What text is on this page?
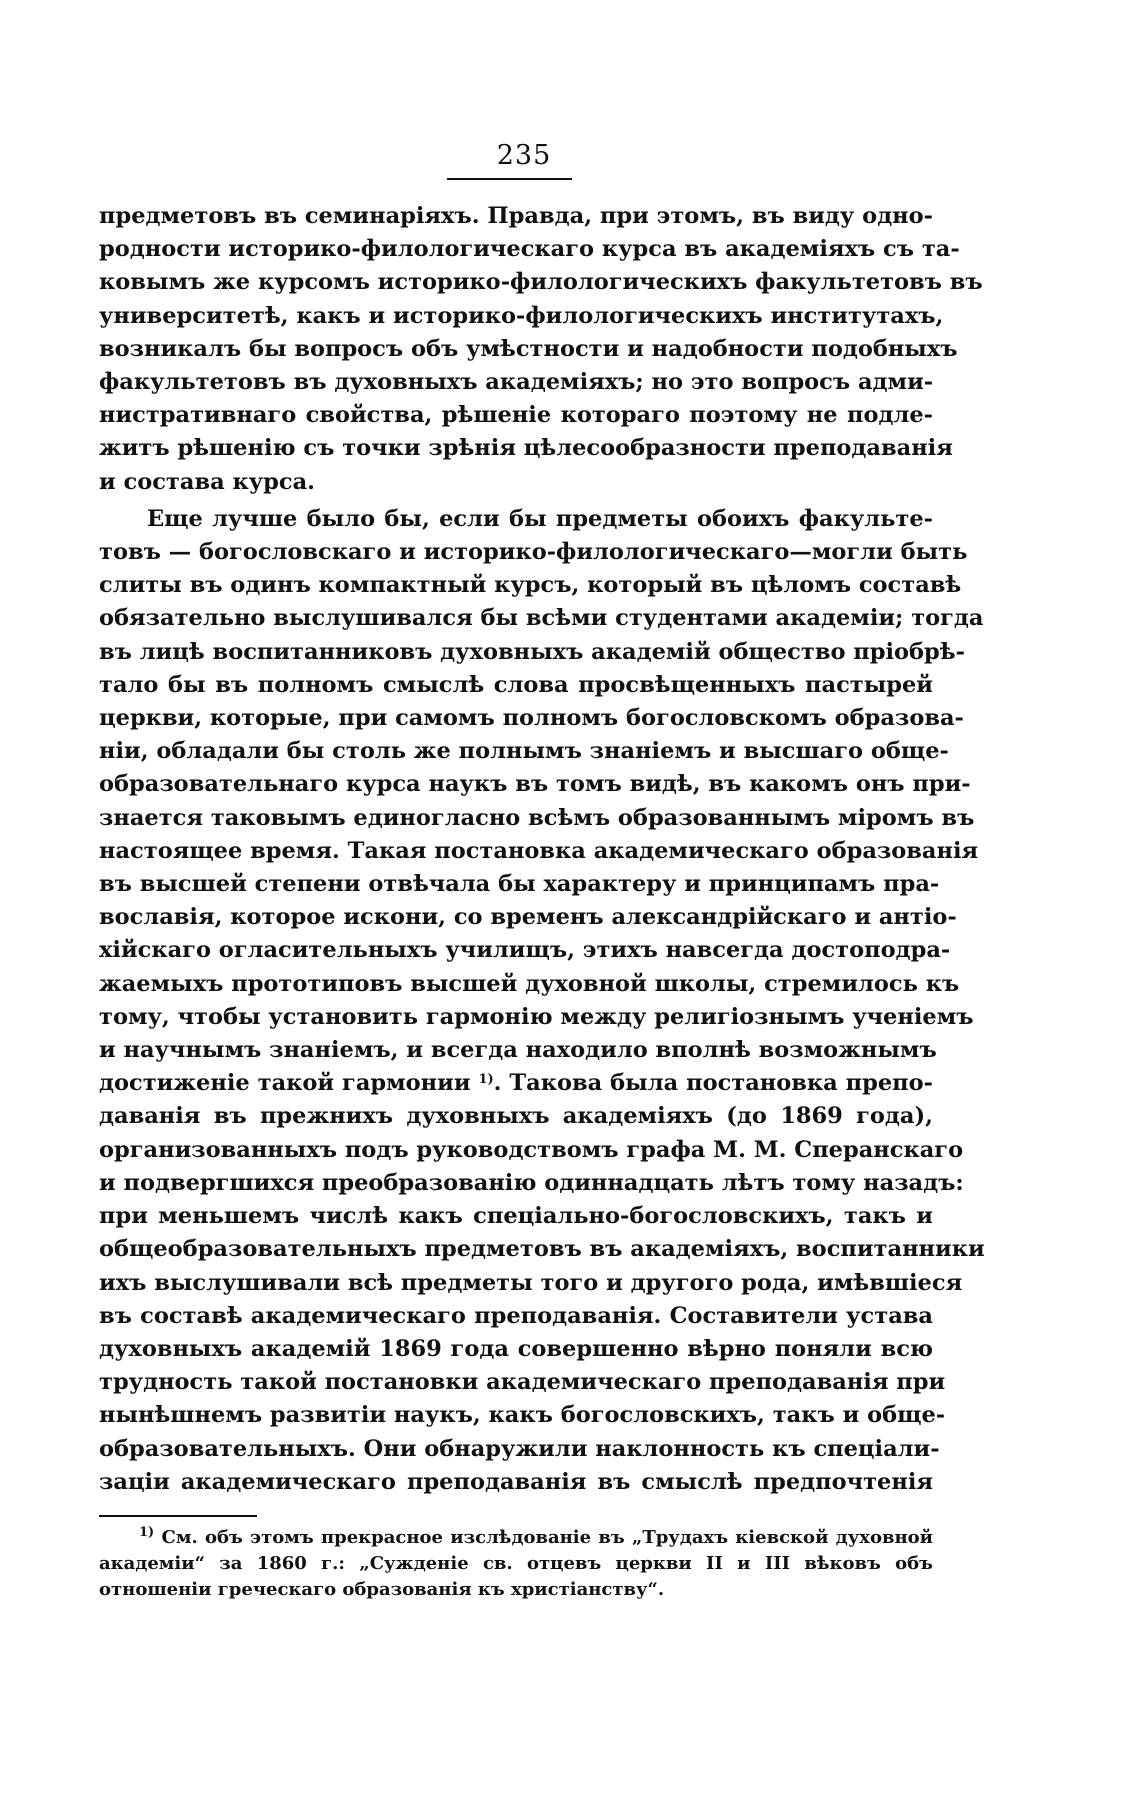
235
предметовъ въ семинаріяхъ. Правда, при этомъ, въ виду одно-
родности историко-филологическаго курса въ академіяхъ съ та-
ковымъ же курсомъ историко-филологическихъ факультетовъ въ
университетѣ, какъ и историко-филологическихъ институтахъ,
возникалъ бы вопросъ объ умѣстности и надобности подобныхъ
факультетовъ въ духовныхъ академіяхъ; но это вопросъ адми-
нистративнаго свойства, рѣшеніе котораго поэтому не подле-
житъ рѣшенію съ точки зрѣнія цѣлесообразности преподаванія
и состава курса.
Еще лучше было бы, если бы предметы обоихъ факульте-
товъ — богословскаго и историко-филологическаго—могли быть
слиты въ одинъ компактный курсъ, который въ цѣломъ составѣ
обязательно выслушивался бы всѣми студентами академіи; тогда
въ лицѣ воспитанниковъ духовныхъ академій общество пріобрѣ-
тало бы въ полномъ смыслѣ слова просвѣщенныхъ пастырей
церкви, которые, при самомъ полномъ богословскомъ образова-
ніи, обладали бы столь же полнымъ знаніемъ и высшаго обще-
образовательнаго курса наукъ въ томъ видѣ, въ какомъ онъ при-
знается таковымъ единогласно всѣмъ образованнымъ міромъ въ
настоящее время. Такая постановка академическаго образованія
въ высшей степени отвѣчала бы характеру и принципамъ пра-
вославія, которое искони, со временъ александрійскаго и антіо-
хійскаго огласительныхъ училищъ, этихъ навсегда достоподра-
жаемыхъ прототиповъ высшей духовной школы, стремилось къ
тому, чтобы установить гармонію между религіознымъ ученіемъ
и научнымъ знаніемъ, и всегда находило вполнѣ возможнымъ
достиженіе такой гармонии $^{1)}$. Такова была постановка препо-
даванія въ прежнихъ духовныхъ академіяхъ (до 1869 года),
организованныхъ подъ руководствомъ графа М. М. Сперанскаго
и подвергшихся преобразованію одиннадцать лѣтъ тому назадъ:
при меньшемъ числѣ какъ спеціально-богословскихъ, такъ и
общеобразовательныхъ предметовъ въ академіяхъ, воспитанники
ихъ выслушивали всѣ предметы того и другого рода, имѣвшіеся
въ составѣ академическаго преподаванія. Составители устава
духовныхъ академій 1869 года совершенно вѣрно поняли всю
трудность такой постановки академическаго преподаванія при
нынѣшнемъ развитіи наукъ, какъ богословскихъ, такъ и обще-
образовательныхъ. Они обнаружили наклонность къ спеціали-
заціи академическаго преподаванія въ смыслѣ предпочтенія
$^{1)}$ См. объ этомъ прекрасное изслѣдованіе въ „Трудахъ кіевской духовной академіи“ за 1860 г.: „Сужденіе св. отцевъ церкви II и III вѣковъ объ отношеніи греческаго образованія къ христіанству“.
